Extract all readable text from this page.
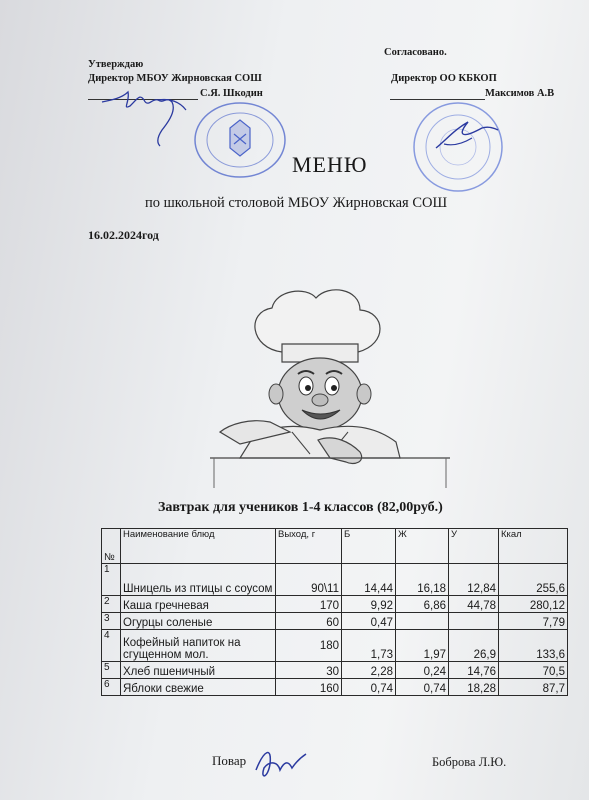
Утверждаю
Директор МБОУ Жирновская СОШ
С.Я. Шкодин
Согласовано.
Директор ОО КБКОП
Максимов А.В
МЕНЮ
по школьной столовой МБОУ Жирновская СОШ
16.02.2024год
Завтрак для учеников 1-4 классов (82,00руб.)
№	Наименование блюд	Выход, г	Б	Ж	У	Ккал
1	Шницель из птицы с соусом	90\11	14,44	16,18	12,84	255,6
2	Каша гречневая	170	9,92	6,86	44,78	280,12
3	Огурцы соленые	60	0,47			7,79
4	Кофейный напиток на сгущенном мол.	180	1,73	1,97	26,9	133,6
5	Хлеб пшеничный	30	2,28	0,24	14,76	70,5
6	Яблоки свежие	160	0,74	0,74	18,28	87,7
Повар	Боброва Л.Ю.
